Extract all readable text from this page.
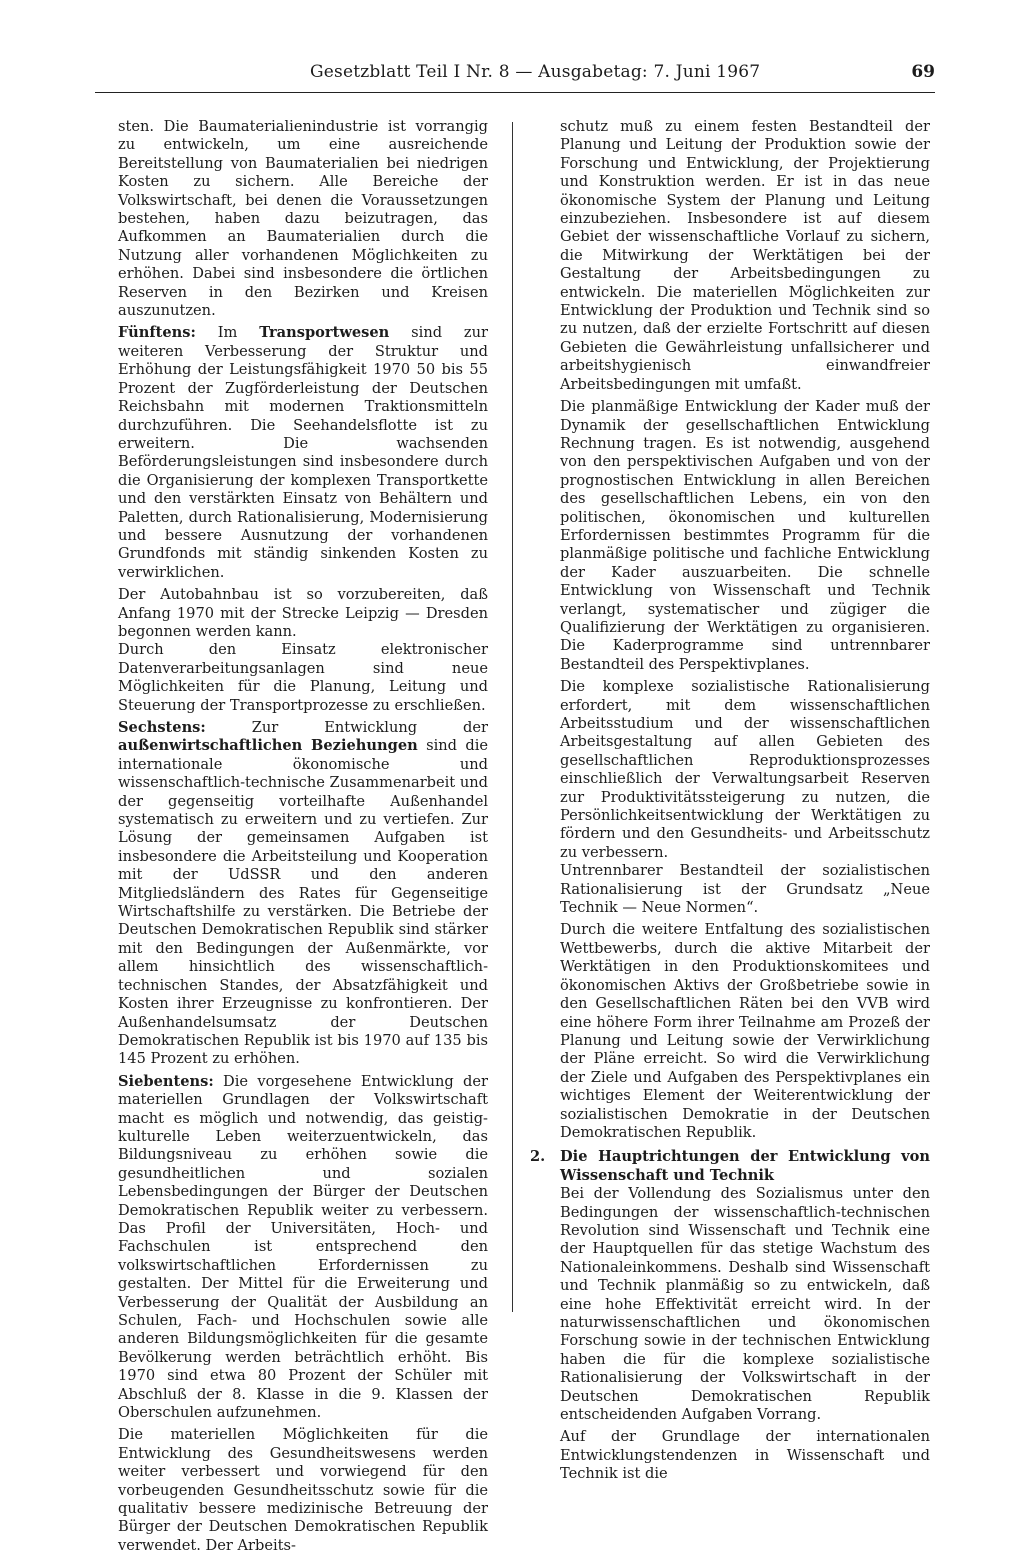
Gesetzblatt Teil I Nr. 8 — Ausgabetag: 7. Juni 1967	69

sten. Die Baumaterialienindustrie ist vorrangig zu entwickeln, um eine ausreichende Bereitstellung von Baumaterialien bei niedrigen Kosten zu sichern. Alle Bereiche der Volkswirtschaft, bei denen die Voraussetzungen bestehen, haben dazu beizutragen, das Aufkommen an Baumaterialien durch die Nutzung aller vorhandenen Möglichkeiten zu erhöhen. Dabei sind insbesondere die örtlichen Reserven in den Bezirken und Kreisen auszunutzen.

Fünftens: Im Transportwesen sind zur weiteren Verbesserung der Struktur und Erhöhung der Leistungsfähigkeit 1970 50 bis 55 Prozent der Zugförderleistung der Deutschen Reichsbahn mit modernen Traktionsmitteln durchzuführen. Die Seehandelsflotte ist zu erweitern. Die wachsenden Beförderungsleistungen sind insbesondere durch die Organisierung der komplexen Transportkette und den verstärkten Einsatz von Behältern und Paletten, durch Rationalisierung, Modernisierung und bessere Ausnutzung der vorhandenen Grundfonds mit ständig sinkenden Kosten zu verwirklichen.

Der Autobahnbau ist so vorzubereiten, daß Anfang 1970 mit der Strecke Leipzig — Dresden begonnen werden kann.

Durch den Einsatz elektronischer Datenverarbeitungsanlagen sind neue Möglichkeiten für die Planung, Leitung und Steuerung der Transportprozesse zu erschließen.

Sechstens: Zur Entwicklung der außenwirtschaftlichen Beziehungen sind die internationale ökonomische und wissenschaftlich-technische Zusammenarbeit und der gegenseitig vorteilhafte Außenhandel systematisch zu erweitern und zu vertiefen. Zur Lösung der gemeinsamen Aufgaben ist insbesondere die Arbeitsteilung und Kooperation mit der UdSSR und den anderen Mitgliedsländern des Rates für Gegenseitige Wirtschaftshilfe zu verstärken. Die Betriebe der Deutschen Demokratischen Republik sind stärker mit den Bedingungen der Außenmärkte, vor allem hinsichtlich des wissenschaftlich-technischen Standes, der Absatzfähigkeit und Kosten ihrer Erzeugnisse zu konfrontieren. Der Außenhandelsumsatz der Deutschen Demokratischen Republik ist bis 1970 auf 135 bis 145 Prozent zu erhöhen.

Siebentens: Die vorgesehene Entwicklung der materiellen Grundlagen der Volkswirtschaft macht es möglich und notwendig, das geistig-kulturelle Leben weiterzuentwickeln, das Bildungsniveau zu erhöhen sowie die gesundheitlichen und sozialen Lebensbedingungen der Bürger der Deutschen Demokratischen Republik weiter zu verbessern. Das Profil der Universitäten, Hoch- und Fachschulen ist entsprechend den volkswirtschaftlichen Erfordernissen zu gestalten. Der Mittel für die Erweiterung und Verbesserung der Qualität der Ausbildung an Schulen, Fach- und Hochschulen sowie alle anderen Bildungsmöglichkeiten für die gesamte Bevölkerung werden beträchtlich erhöht. Bis 1970 sind etwa 80 Prozent der Schüler mit Abschluß der 8. Klasse in die 9. Klassen der Oberschulen aufzunehmen.

Die materiellen Möglichkeiten für die Entwicklung des Gesundheitswesens werden weiter verbessert und vorwiegend für den vorbeugenden Gesundheitsschutz sowie für die qualitativ bessere medizinische Betreuung der Bürger der Deutschen Demokratischen Republik verwendet. Der Arbeits-

schutz muß zu einem festen Bestandteil der Planung und Leitung der Produktion sowie der Forschung und Entwicklung, der Projektierung und Konstruktion werden. Er ist in das neue ökonomische System der Planung und Leitung einzubeziehen. Insbesondere ist auf diesem Gebiet der wissenschaftliche Vorlauf zu sichern, die Mitwirkung der Werktätigen bei der Gestaltung der Arbeitsbedingungen zu entwickeln. Die materiellen Möglichkeiten zur Entwicklung der Produktion und Technik sind so zu nutzen, daß der erzielte Fortschritt auf diesen Gebieten die Gewährleistung unfallsicherer und arbeitshygienisch einwandfreier Arbeitsbedingungen mit umfaßt.

Die planmäßige Entwicklung der Kader muß der Dynamik der gesellschaftlichen Entwicklung Rechnung tragen. Es ist notwendig, ausgehend von den perspektivischen Aufgaben und von der prognostischen Entwicklung in allen Bereichen des gesellschaftlichen Lebens, ein von den politischen, ökonomischen und kulturellen Erfordernissen bestimmtes Programm für die planmäßige politische und fachliche Entwicklung der Kader auszuarbeiten. Die schnelle Entwicklung von Wissenschaft und Technik verlangt, systematischer und zügiger die Qualifizierung der Werktätigen zu organisieren. Die Kaderprogramme sind untrennbarer Bestandteil des Perspektivplanes.

Die komplexe sozialistische Rationalisierung erfordert, mit dem wissenschaftlichen Arbeitsstudium und der wissenschaftlichen Arbeitsgestaltung auf allen Gebieten des gesellschaftlichen Reproduktionsprozesses einschließlich der Verwaltungsarbeit Reserven zur Produktivitätssteigerung zu nutzen, die Persönlichkeitsentwicklung der Werktätigen zu fördern und den Gesundheits- und Arbeitsschutz zu verbessern.

Untrennbarer Bestandteil der sozialistischen Rationalisierung ist der Grundsatz „Neue Technik — Neue Normen“.

Durch die weitere Entfaltung des sozialistischen Wettbewerbs, durch die aktive Mitarbeit der Werktätigen in den Produktionskomitees und ökonomischen Aktivs der Großbetriebe sowie in den Gesellschaftlichen Räten bei den VVB wird eine höhere Form ihrer Teilnahme am Prozeß der Planung und Leitung sowie der Verwirklichung der Pläne erreicht. So wird die Verwirklichung der Ziele und Aufgaben des Perspektivplanes ein wichtiges Element der Weiterentwicklung der sozialistischen Demokratie in der Deutschen Demokratischen Republik.

2.	Die Hauptrichtungen der Entwicklung von Wissenschaft und Technik

Bei der Vollendung des Sozialismus unter den Bedingungen der wissenschaftlich-technischen Revolution sind Wissenschaft und Technik eine der Hauptquellen für das stetige Wachstum des Nationaleinkommens. Deshalb sind Wissenschaft und Technik planmäßig so zu entwickeln, daß eine hohe Effektivität erreicht wird. In der naturwissenschaftlichen und ökonomischen Forschung sowie in der technischen Entwicklung haben die für die komplexe sozialistische Rationalisierung der Volkswirtschaft in der Deutschen Demokratischen Republik entscheidenden Aufgaben Vorrang.

Auf der Grundlage der internationalen Entwicklungstendenzen in Wissenschaft und Technik ist die
